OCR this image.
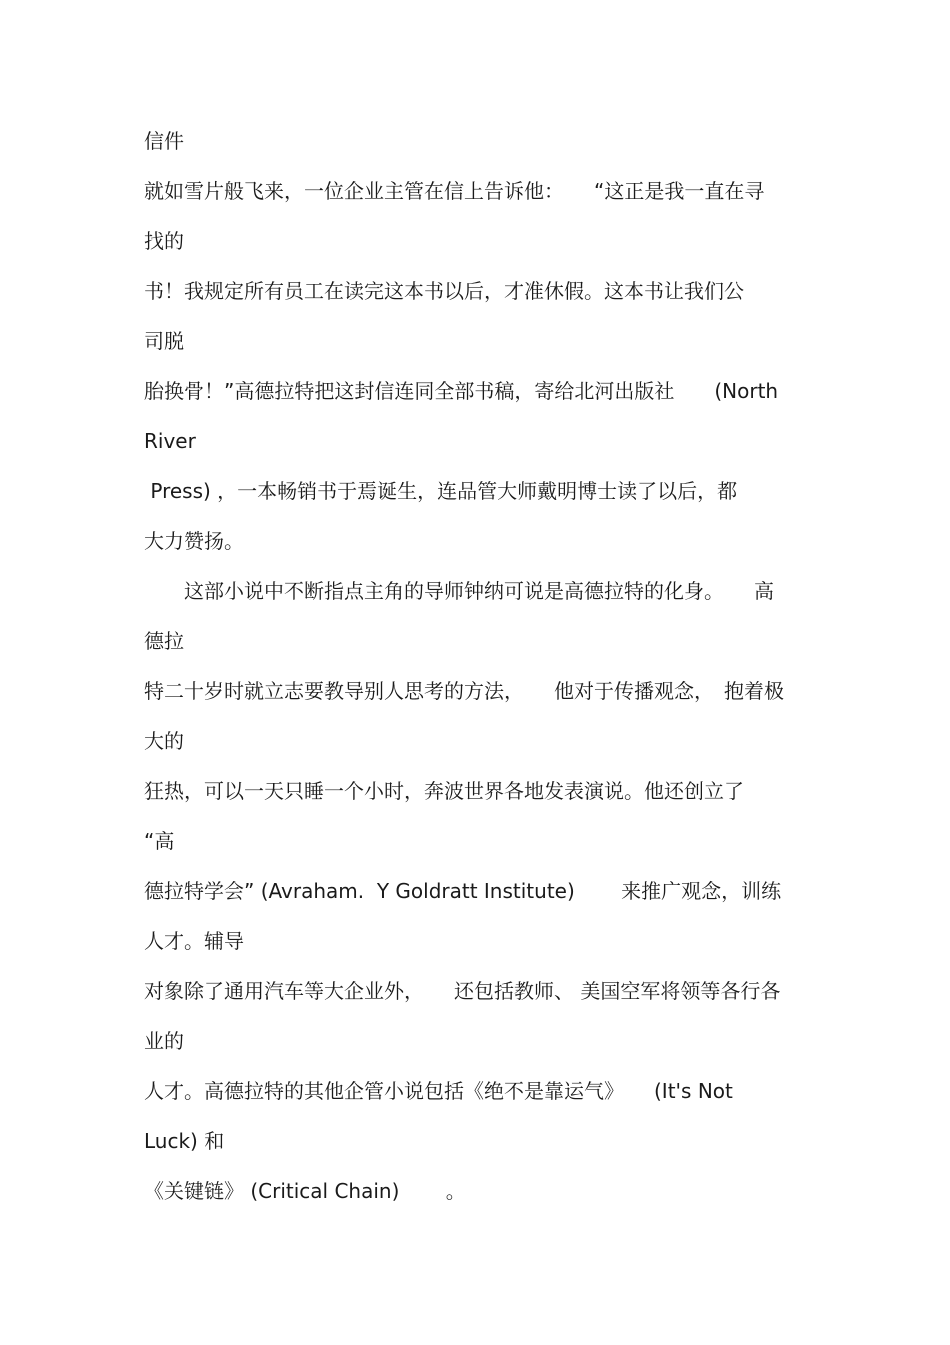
信件
就如雪片般飞来，一位企业主管在信上告诉他：　　“这正是我一直在寻
找的
书！我规定所有员工在读完这本书以后，才准休假。这本书让我们公
司脱
胎换骨！”高德拉特把这封信连同全部书稿，寄给北河出版社　　(North
River
Press) ，一本畅销书于焉诞生，连品管大师戴明博士读了以后，都
大力赞扬。
　　这部小说中不断指点主角的导师钟纳可说是高德拉特的化身。　　高
德拉
特二十岁时就立志要教导别人思考的方法，　　他对于传播观念，　抱着极
大的
狂热，可以一天只睡一个小时，奔波世界各地发表演说。他还创立了
“高
德拉特学会” (Avraham.  Y Goldratt Institute) 　　来推广观念，训练
人才。辅导
对象除了通用汽车等大企业外，　　还包括教师、 美国空军将领等各行各
业的
人才。高德拉特的其他企管小说包括《绝不是靠运气》　　(It's Not
Luck) 和
《关键链》 (Critical Chain) 　　。
